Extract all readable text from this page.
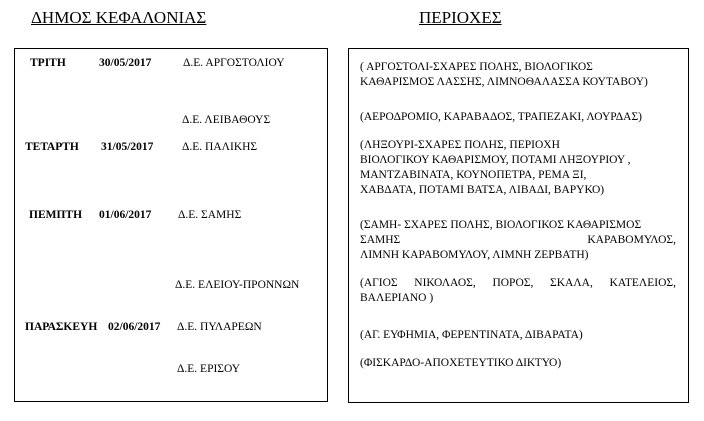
ΔΗΜΟΣ ΚΕΦΑΛΟΝΙΑΣ	ΠΕΡΙΟΧΕΣ
ΤΡΙΤΗ	30/05/2017	Δ.Ε. ΑΡΓΟΣΤΟΛΙΟΥ
Δ.Ε. ΛΕΙΒΑΘΟΥΣ
ΤΕΤΑΡΤΗ 31/05/2017 Δ.Ε. ΠΑΛΙΚΗΣ
ΠΕΜΠΤΗ 01/06/2017 Δ.Ε. ΣΑΜΗΣ
Δ.Ε. ΕΛΕΙΟΥ-ΠΡΟΝΝΩΝ
ΠΑΡΑΣΚΕΥΗ 02/06/2017 Δ.Ε. ΠΥΛΑΡΕΩΝ
Δ.Ε. ΕΡΙΣΟΥ
( ΑΡΓΟΣΤΟΛΙ-ΣΧΑΡΕΣ ΠΟΛΗΣ, ΒΙΟΛΟΓΙΚΟΣ
ΚΑΘΑΡΙΣΜΟΣ ΛΑΣΣΗΣ, ΛΙΜΝΟΘΑΛΑΣΣΑ ΚΟΥΤΑΒΟΥ)
(ΑΕΡΟΔΡΟΜΙΟ, ΚΑΡΑΒΑΔΟΣ, ΤΡΑΠΕΖΑΚΙ, ΛΟΥΡΔΑΣ)
(ΛΗΞΟΥΡΙ-ΣΧΑΡΕΣ ΠΟΛΗΣ, ΠΕΡΙΟΧΗ
ΒΙΟΛΟΓΙΚΟΥ ΚΑΘΑΡΙΣΜΟΥ, ΠΟΤΑΜΙ ΛΗΞΟΥΡΙΟΥ ,
ΜΑΝΤΖΑΒΙΝΑΤΑ, ΚΟΥΝΟΠΕΤΡΑ, ΡΕΜΑ ΞΙ,
ΧΑΒΔΑΤΑ, ΠΟΤΑΜΙ ΒΑΤΣΑ, ΛΙΒΑΔΙ, ΒΑΡΥΚΟ)
(ΣΑΜΗ- ΣΧΑΡΕΣ ΠΟΛΗΣ, ΒΙΟΛΟΓΙΚΟΣ ΚΑΘΑΡΙΣΜΟΣ
ΣΑΜΗΣ ΚΑΡΑΒΟΜΥΛΟΣ,
ΛΙΜΝΗ ΚΑΡΑΒΟΜΥΛΟΥ, ΛΙΜΝΗ ΖΕΡΒΑΤΗ)
(ΑΓΙΟΣ ΝΙΚΟΛΑΟΣ, ΠΟΡΟΣ, ΣΚΑΛΑ, ΚΑΤΕΛΕΙΟΣ,
ΒΑΛΕΡΙΑΝΟ )
(ΑΓ. ΕΥΦΗΜΙΑ, ΦΕΡΕΝΤΙΝΑΤΑ, ΔΙΒΑΡΑΤΑ)
(ΦΙΣΚΑΡΔΟ-ΑΠΟΧΕΤΕΥΤΙΚΟ ΔΙΚΤΥΟ)
